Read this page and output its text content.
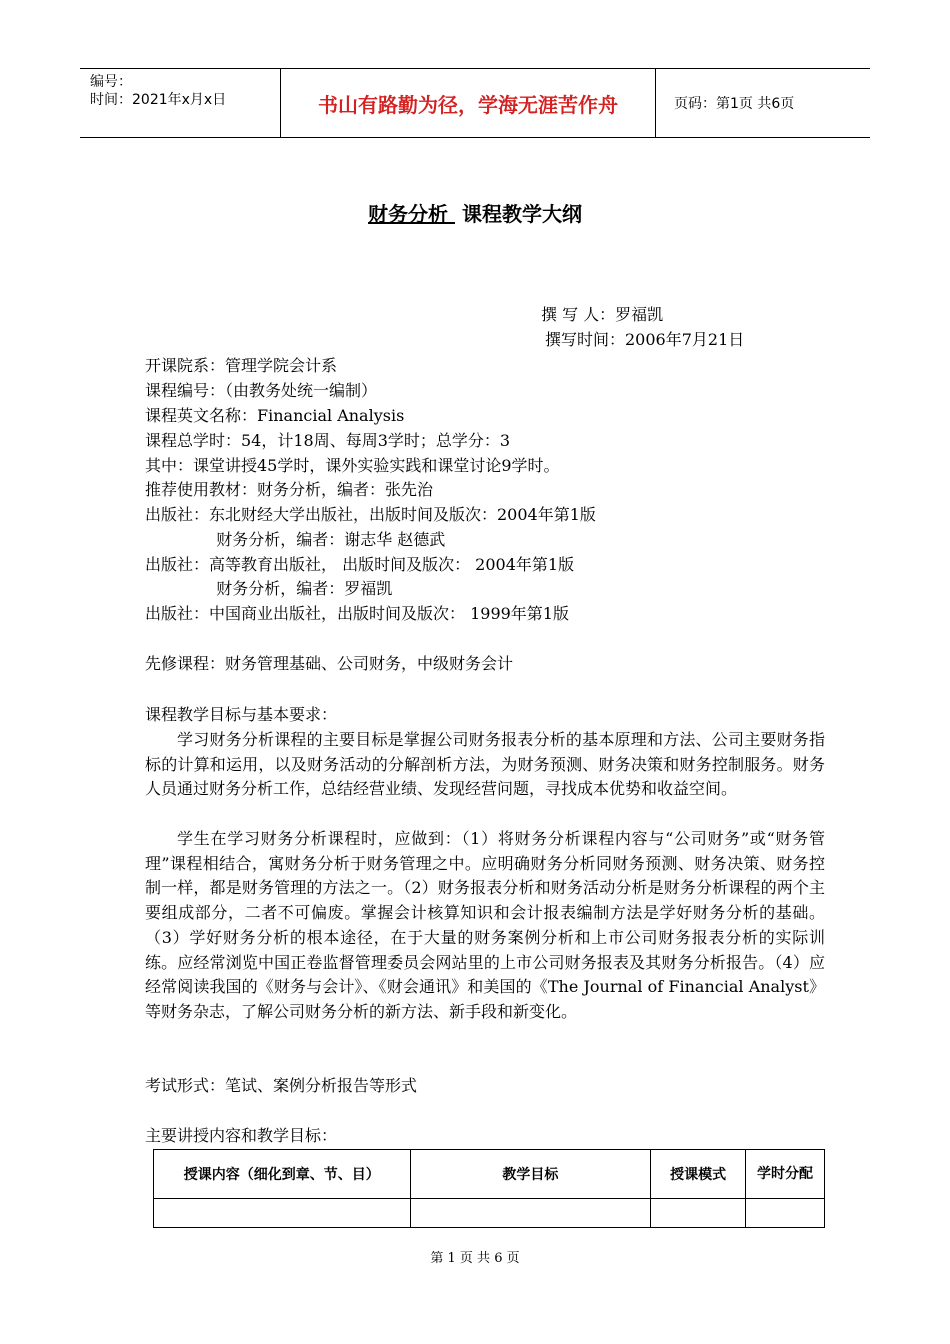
编号：
时间：2021年x月x日	书山有路勤为径，学海无涯苦作舟	页码：第1页 共6页
财务分析  课程教学大纲
撰 写 人：罗福凯
撰写时间：2006年7月21日
开课院系：管理学院会计系
课程编号：（由教务处统一编制）
课程英文名称：Financial Analysis
课程总学时：54，计18周、每周3学时；总学分：3
其中：课堂讲授45学时，课外实验实践和课堂讨论9学时。
推荐使用教材：财务分析，编者：张先治
出版社：东北财经大学出版社，出版时间及版次：2004年第1版
财务分析，编者：谢志华 赵德武
出版社：高等教育出版社， 出版时间及版次： 2004年第1版
财务分析，编者：罗福凯
出版社：中国商业出版社，出版时间及版次： 1999年第1版
先修课程：财务管理基础、公司财务，中级财务会计
课程教学目标与基本要求：
学习财务分析课程的主要目标是掌握公司财务报表分析的基本原理和方法、公司主要财务指标的计算和运用，以及财务活动的分解剖析方法，为财务预测、财务决策和财务控制服务。财务人员通过财务分析工作，总结经营业绩、发现经营问题，寻找成本优势和收益空间。
学生在学习财务分析课程时，应做到：（1）将财务分析课程内容与“公司财务”或“财务管理”课程相结合，寓财务分析于财务管理之中。应明确财务分析同财务预测、财务决策、财务控制一样，都是财务管理的方法之一。（2）财务报表分析和财务活动分析是财务分析课程的两个主要组成部分，二者不可偏废。掌握会计核算知识和会计报表编制方法是学好财务分析的基础。（3）学好财务分析的根本途径，在于大量的财务案例分析和上市公司财务报表分析的实际训练。应经常浏览中国正卷监督管理委员会网站里的上市公司财务报表及其财务分析报告。（4）应经常阅读我国的《财务与会计》、《财会通讯》和美国的《The Journal of Financial Analyst》等财务杂志，了解公司财务分析的新方法、新手段和新变化。
考试形式：笔试、案例分析报告等形式
主要讲授内容和教学目标：
授课内容（细化到章、节、目）	教学目标	授课模式	学时分配

第 1 页 共 6 页
